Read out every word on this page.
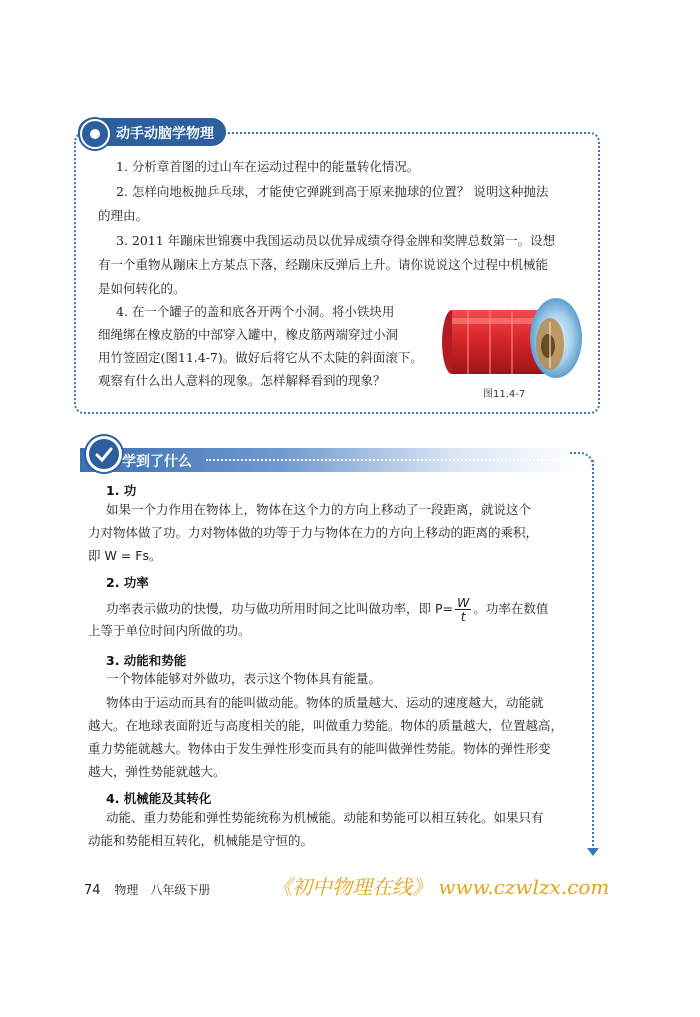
动手动脑学物理
1. 分析章首图的过山车在运动过程中的能量转化情况。
2. 怎样向地板抛乒乓球，才能使它弹跳到高于原来抛球的位置？ 说明这种抛法
的理由。
3. 2011 年蹦床世锦赛中我国运动员以优异成绩夺得金牌和奖牌总数第一。设想
有一个重物从蹦床上方某点下落，经蹦床反弹后上升。请你说说这个过程中机械能
是如何转化的。
4. 在一个罐子的盖和底各开两个小洞。将小铁块用
细绳绑在橡皮筋的中部穿入罐中，橡皮筋两端穿过小洞
用竹签固定(图11.4-7)。做好后将它从不太陡的斜面滚下。
观察有什么出人意料的现象。怎样解释看到的现象？
图11.4-7
学到了什么
1. 功
如果一个力作用在物体上，物体在这个力的方向上移动了一段距离，就说这个
力对物体做了功。力对物体做的功等于力与物体在力的方向上移动的距离的乘积，
即 W = Fs。
2. 功率
功率表示做功的快慢，功与做功所用时间之比叫做功率，即 $P= \frac{W}{t}$ 。功率在数值
上等于单位时间内所做的功。
3. 动能和势能
一个物体能够对外做功，表示这个物体具有能量。
物体由于运动而具有的能叫做动能。物体的质量越大、运动的速度越大，动能就
越大。在地球表面附近与高度相关的能，叫做重力势能。物体的质量越大，位置越高，
重力势能就越大。物体由于发生弹性形变而具有的能叫做弹性势能。物体的弹性形变
越大，弹性势能就越大。
4. 机械能及其转化
动能、重力势能和弹性势能统称为机械能。动能和势能可以相互转化。如果只有
动能和势能相互转化，机械能是守恒的。
74 物理　八年级下册	《初中物理在线》 www.czwlzx.com
